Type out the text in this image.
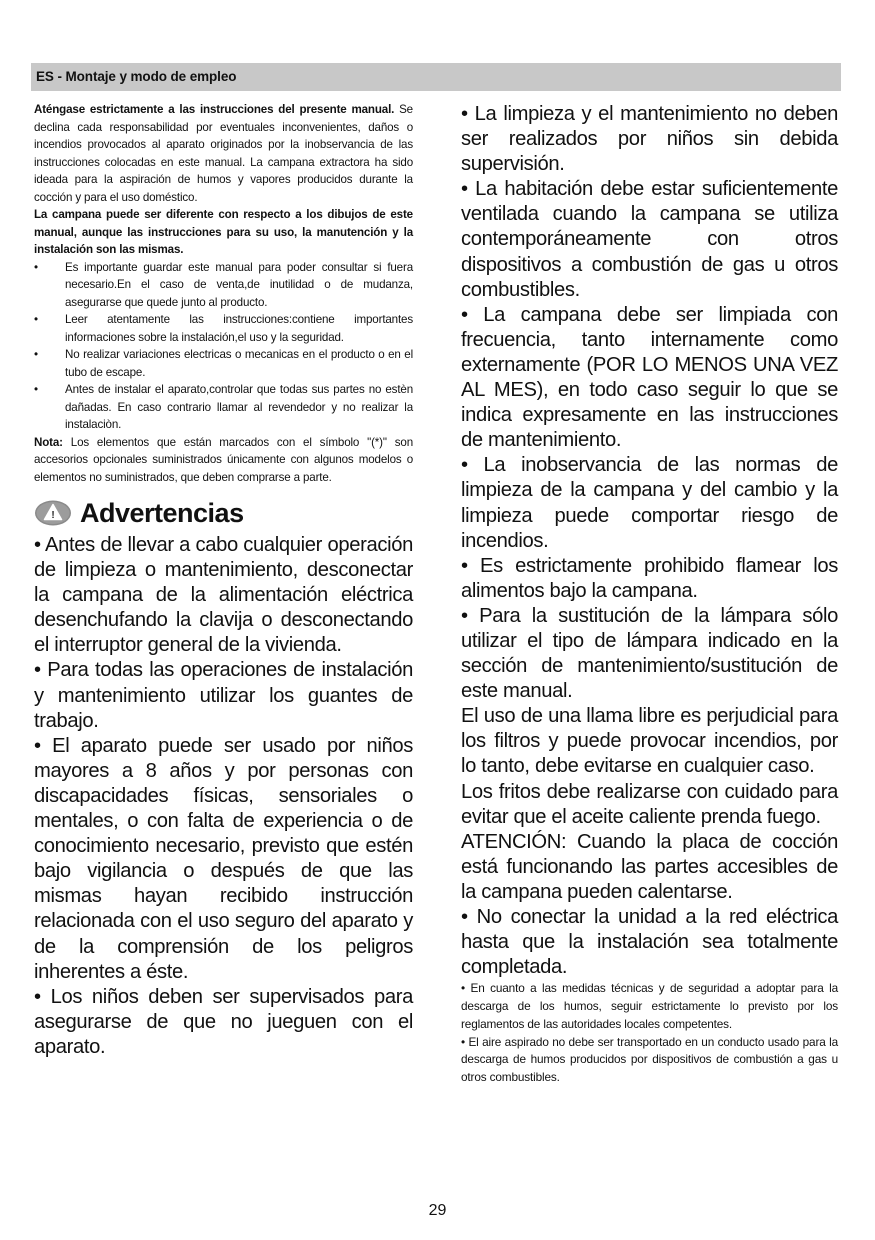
ES - Montaje y modo de empleo

Aténgase estrictamente a las instrucciones del presente manual. Se declina cada responsabilidad por eventuales inconvenientes, daños o incendios provocados al aparato originados por la inobservancia de las instrucciones colocadas en este manual. La campana extractora ha sido ideada para la aspiración de humos y vapores producidos durante la cocción y para el uso doméstico.

La campana puede ser diferente con respecto a los dibujos de este manual, aunque las instrucciones para su uso, la manutención y la instalación son las mismas.

• Es importante guardar este manual para poder consultar si fuera necesario.En el caso de venta,de inutilidad o de mudanza, asegurarse que quede junto al producto.
• Leer atentamente las instrucciones:contiene importantes informaciones sobre la instalación,el uso y la seguridad.
• No realizar variaciones electricas o mecanicas en el producto o en el tubo de escape.
• Antes de instalar el aparato,controlar que todas sus partes no estèn dañadas. En caso contrario llamar al revendedor y no realizar la instalaciòn.

Nota: Los elementos que están marcados con el símbolo "(*)" son accesorios opcionales suministrados únicamente con algunos modelos o elementos no suministrados, que deben comprarse a parte.

! Advertencias

• Antes de llevar a cabo cualquier operación de limpieza o mantenimiento, desconectar la campana de la alimentación eléctrica desenchufando la clavija o desconectando el interruptor general de la vivienda.

• Para todas las operaciones de instalación y mantenimiento utilizar los guantes de trabajo.

• El aparato puede ser usado por niños mayores a 8 años y por personas con discapacidades físicas, sensoriales o mentales, o con falta de experiencia o de conocimiento necesario, previsto que estén bajo vigilancia o después de que las mismas hayan recibido instrucción relacionada con el uso seguro del aparato y de la comprensión de los peligros inherentes a éste.

• Los niños deben ser supervisados para asegurarse de que no jueguen con el aparato.

• La limpieza y el mantenimiento no deben ser realizados por niños sin debida supervisión.

• La habitación debe estar suficientemente ventilada cuando la campana se utiliza contemporáneamente con otros dispositivos a combustión de gas u otros combustibles.

• La campana debe ser limpiada con frecuencia, tanto internamente como externamente (POR LO MENOS UNA VEZ AL MES), en todo caso seguir lo que se indica expresamente en las instrucciones de mantenimiento.

• La inobservancia de las normas de limpieza de la campana y del cambio y la limpieza puede comportar riesgo de incendios.

• Es estrictamente prohibido flamear los alimentos bajo la campana.

• Para la sustitución de la lámpara sólo utilizar el tipo de lámpara indicado en la sección de mantenimiento/sustitución de este manual.

El uso de una llama libre es perjudicial para los filtros y puede provocar incendios, por lo tanto, debe evitarse en cualquier caso.

Los fritos debe realizarse con cuidado para evitar que el aceite caliente prenda fuego.

ATENCIÓN: Cuando la placa de cocción está funcionando las partes accesibles de la campana pueden calentarse.

• No conectar la unidad a la red eléctrica hasta que la instalación sea totalmente completada.

• En cuanto a las medidas técnicas y de seguridad a adoptar para la descarga de los humos, seguir estrictamente lo previsto por los reglamentos de las autoridades locales competentes.

• El aire aspirado no debe ser transportado en un conducto usado para la descarga de humos producidos por dispositivos de combustión a gas u otros combustibles.

29
